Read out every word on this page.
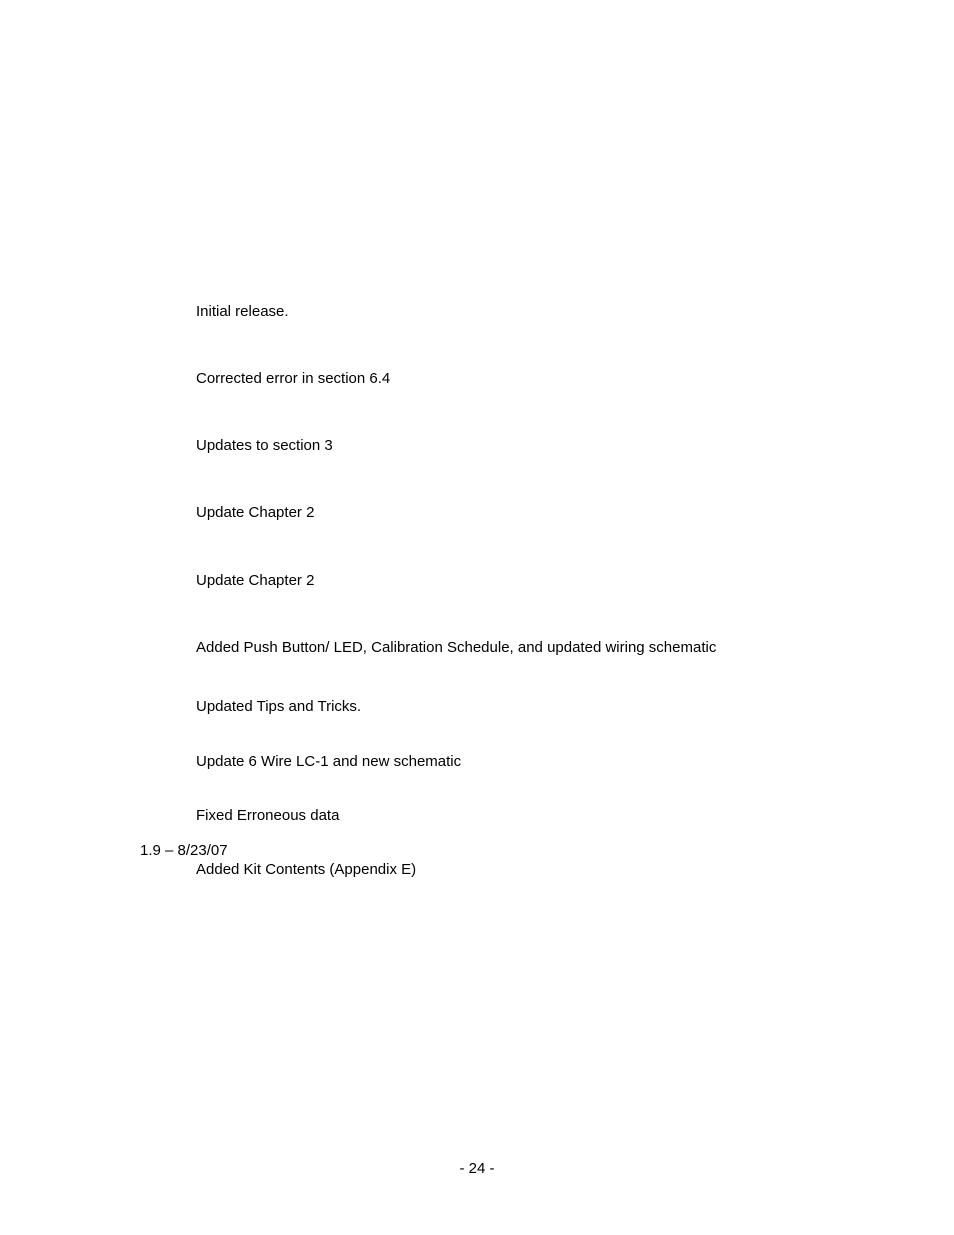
Initial release.
Corrected error in section 6.4
Updates to section 3
Update Chapter 2
Update Chapter 2
Added Push Button/ LED, Calibration Schedule, and updated wiring schematic
Updated Tips and Tricks.
Update 6 Wire LC-1 and new schematic
Fixed Erroneous data
1.9 – 8/23/07
Added Kit Contents (Appendix E)
- 24 -
